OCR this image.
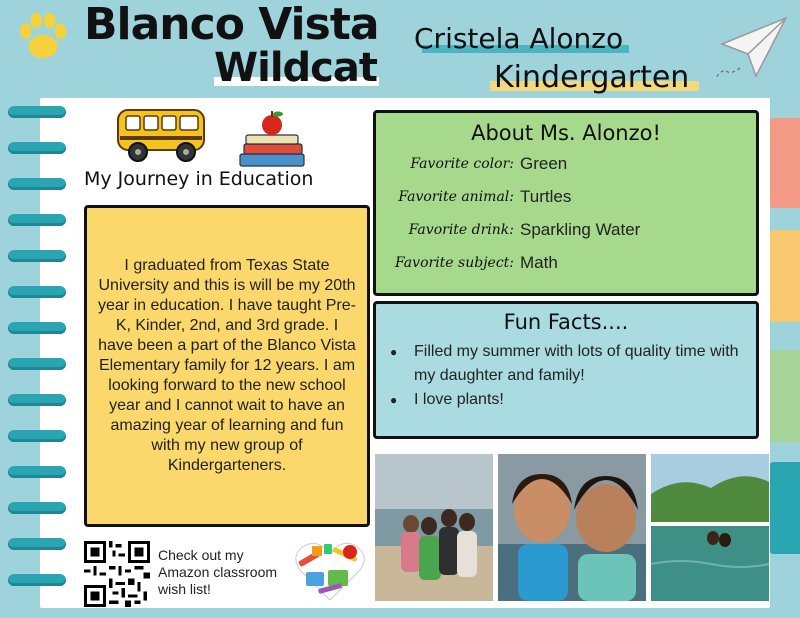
Blanco Vista
Wildcat
Cristela Alonzo
Kindergarten
My Journey in Education

I graduated from Texas State University and this is will be my 20th year in education. I have taught Pre-K, Kinder, 2nd, and 3rd grade. I have been a part of the Blanco Vista Elementary family for 12 years. I am looking forward to the new school year and I cannot wait to have an amazing year of learning and fun with my new group of Kindergarteners.

About Ms. Alonzo!
Favorite color: Green
Favorite animal: Turtles
Favorite drink: Sparkling Water
Favorite subject: Math
Fun Facts....
● Filled my summer with lots of quality time with my daughter and family!
● I love plants!
Check out my Amazon classroom wish list!
